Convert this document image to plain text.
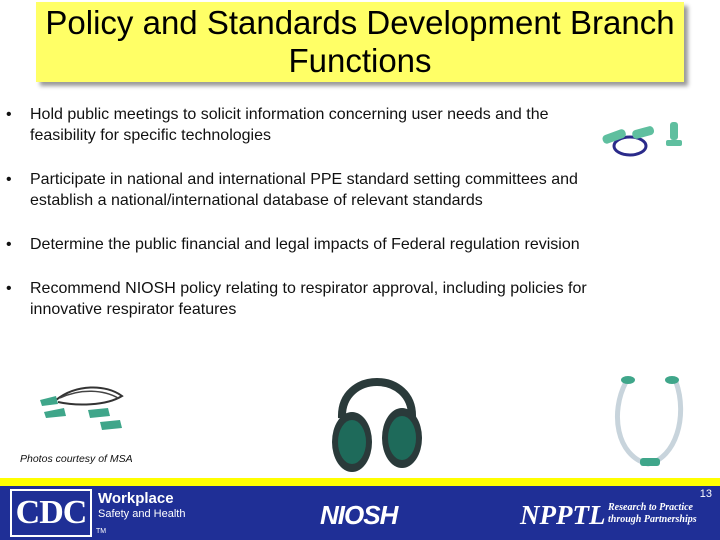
Policy and Standards Development Branch Functions
• Hold public meetings to solicit information concerning user needs and the feasibility for specific technologies
• Participate in national and international PPE standard setting committees and establish a national/international database of relevant standards
• Determine the public financial and legal impacts of Federal regulation revision
• Recommend NIOSH policy relating to respirator approval, including policies for innovative respirator features
Photos courtesy of MSA
CDC
TM
Workplace
Safety and Health	NIOSH	NPPTL Research to Practice
through Partnerships
13
